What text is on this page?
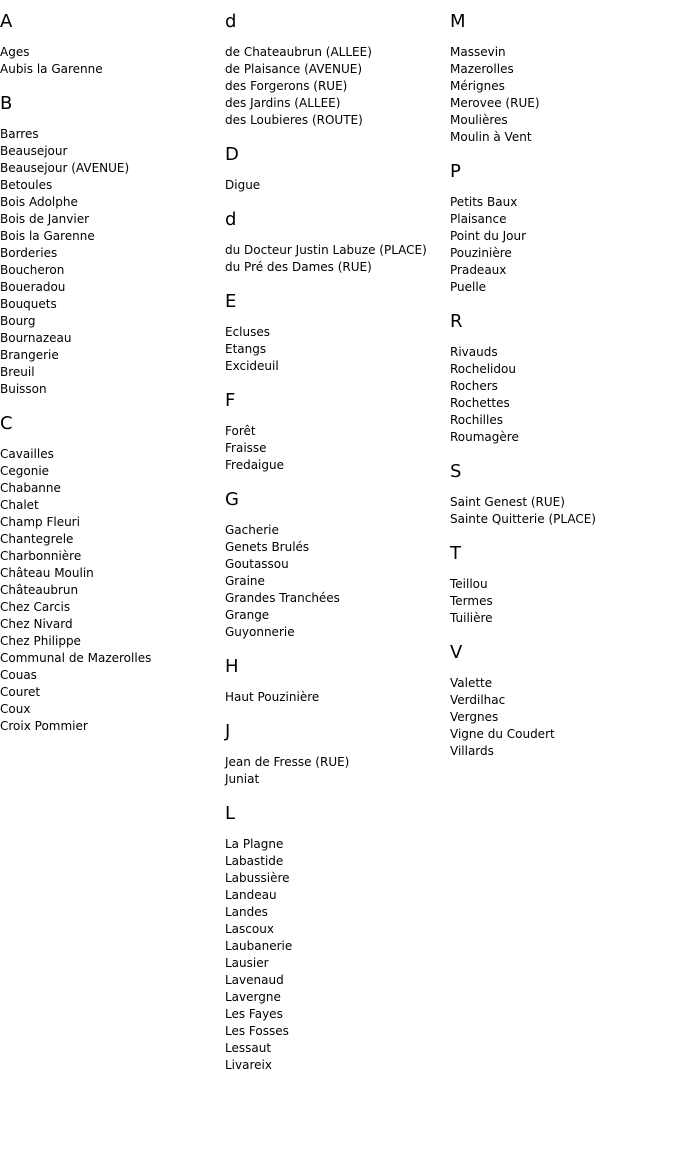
A
Ages
Aubis la Garenne
B
Barres
Beausejour
Beausejour (AVENUE)
Betoules
Bois Adolphe
Bois de Janvier
Bois la Garenne
Borderies
Boucheron
Boueradou
Bouquets
Bourg
Bournazeau
Brangerie
Breuil
Buisson
C
Cavailles
Cegonie
Chabanne
Chalet
Champ Fleuri
Chantegrele
Charbonnière
Château Moulin
Châteaubrun
Chez Carcis
Chez Nivard
Chez Philippe
Communal de Mazerolles
Couas
Couret
Coux
Croix Pommier
d
de Chateaubrun (ALLEE)
de Plaisance (AVENUE)
des Forgerons (RUE)
des Jardins (ALLEE)
des Loubieres (ROUTE)
D
Digue
d
du Docteur Justin Labuze (PLACE)
du Pré des Dames (RUE)
E
Ecluses
Etangs
Excideuil
F
Forêt
Fraisse
Fredaigue
G
Gacherie
Genets Brulés
Goutassou
Graine
Grandes Tranchées
Grange
Guyonnerie
H
Haut Pouzinière
J
Jean de Fresse (RUE)
Juniat
L
La Plagne
Labastide
Labussière
Landeau
Landes
Lascoux
Laubanerie
Lausier
Lavenaud
Lavergne
Les Fayes
Les Fosses
Lessaut
Livareix
M
Massevin
Mazerolles
Mérignes
Merovee (RUE)
Moulières
Moulin à Vent
P
Petits Baux
Plaisance
Point du Jour
Pouzinière
Pradeaux
Puelle
R
Rivauds
Rochelidou
Rochers
Rochettes
Rochilles
Roumagère
S
Saint Genest (RUE)
Sainte Quitterie (PLACE)
T
Teillou
Termes
Tuilière
V
Valette
Verdilhac
Vergnes
Vigne du Coudert
Villards
